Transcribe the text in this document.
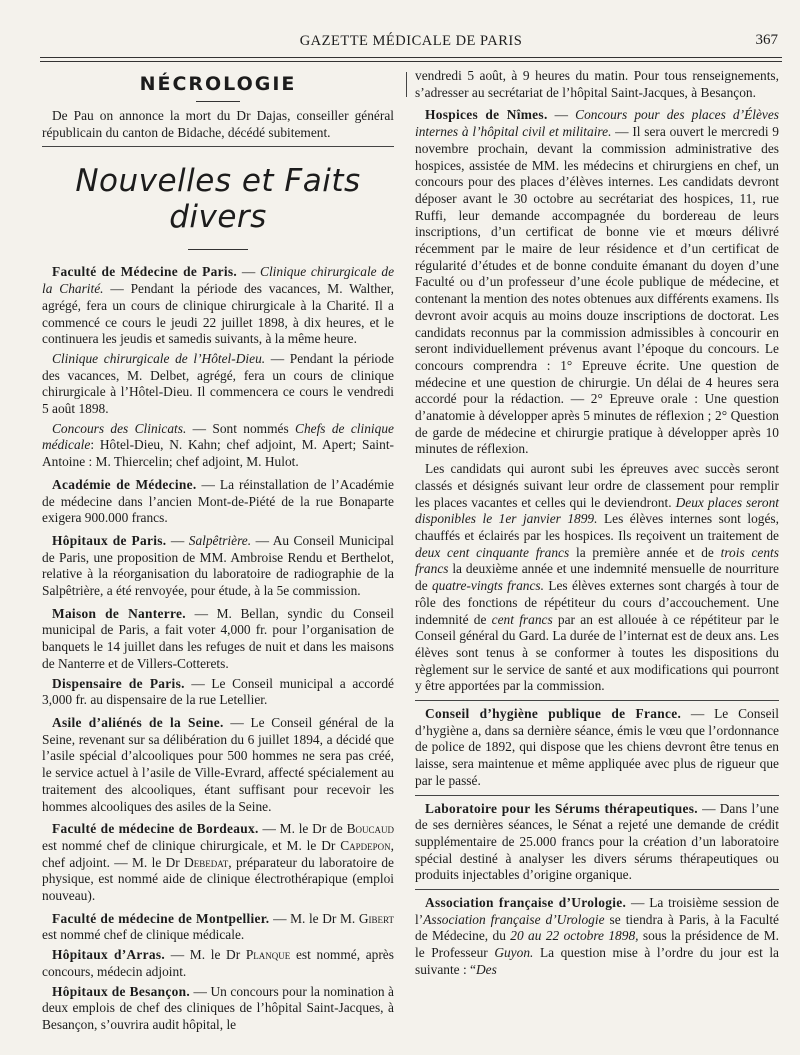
GAZETTE MÉDICALE DE PARIS	367
NÉCROLOGIE

De Pau on annonce la mort du Dr Dajas, conseiller général républicain du canton de Bidache, décédé subitement.

Nouvelles et Faits divers

Faculté de Médecine de Paris. — Clinique chirurgicale de la Charité. — Pendant la période des vacances, M. Walther, agrégé, fera un cours de clinique chirurgicale à la Charité. Il a commencé ce cours le jeudi 22 juillet 1898, à dix heures, et le continuera les jeudis et samedis suivants, à la même heure.

Clinique chirurgicale de l’Hôtel-Dieu. — Pendant la période des vacances, M. Delbet, agrégé, fera un cours de clinique chirurgicale à l’Hôtel-Dieu. Il commencera ce cours le vendredi 5 août 1898.

Concours des Clinicats. — Sont nommés Chefs de clinique médicale: Hôtel-Dieu, N. Kahn; chef adjoint, M. Apert; Saint-Antoine : M. Thiercelin; chef adjoint, M. Hulot.

Académie de Médecine. — La réinstallation de l’Académie de médecine dans l’ancien Mont-de-Piété de la rue Bonaparte exigera 900.000 francs.

Hôpitaux de Paris. — Salpêtrière. — Au Conseil Municipal de Paris, une proposition de MM. Ambroise Rendu et Berthelot, relative à la réorganisation du laboratoire de radiographie de la Salpêtrière, a été renvoyée, pour étude, à la 5e commission.

Maison de Nanterre. — M. Bellan, syndic du Conseil municipal de Paris, a fait voter 4,000 fr. pour l’organisation de banquets le 14 juillet dans les refuges de nuit et dans les maisons de Nanterre et de Villers-Cotterets.

Dispensaire de Paris. — Le Conseil municipal a accordé 3,000 fr. au dispensaire de la rue Letellier.

Asile d’aliénés de la Seine. — Le Conseil général de la Seine, revenant sur sa délibération du 6 juillet 1894, a décidé que l’asile spécial d’alcooliques pour 500 hommes ne sera pas créé, le service actuel à l’asile de Ville-Evrard, affecté spécialement au traitement des alcooliques, étant suffisant pour recevoir les hommes alcooliques des asiles de la Seine.

Faculté de médecine de Bordeaux. — M. le Dr de Boucaud est nommé chef de clinique chirurgicale, et M. le Dr Capdepon, chef adjoint. — M. le Dr Debedat, préparateur du laboratoire de physique, est nommé aide de clinique électrothérapique (emploi nouveau).

Faculté de médecine de Montpellier. — M. le Dr M. Gibert est nommé chef de clinique médicale.

Hôpitaux d’Arras. — M. le Dr Planque est nommé, après concours, médecin adjoint.

Hôpitaux de Besançon. — Un concours pour la nomination à deux emplois de chef des cliniques de l’hôpital Saint-Jacques, à Besançon, s’ouvrira audit hôpital, le

vendredi 5 août, à 9 heures du matin. Pour tous renseignements, s’adresser au secrétariat de l’hôpital Saint-Jacques, à Besançon.

Hospices de Nîmes. — Concours pour des places d’Élèves internes à l’hôpital civil et militaire. — Il sera ouvert le mercredi 9 novembre prochain, devant la commission administrative des hospices, assistée de MM. les médecins et chirurgiens en chef, un concours pour des places d’élèves internes. Les candidats devront déposer avant le 30 octobre au secrétariat des hospices, 11, rue Ruffi, leur demande accompagnée du bordereau de leurs inscriptions, d’un certificat de bonne vie et mœurs délivré récemment par le maire de leur résidence et d’un certificat de régularité d’études et de bonne conduite émanant du doyen d’une Faculté ou d’un professeur d’une école publique de médecine, et contenant la mention des notes obtenues aux différents examens. Ils devront avoir acquis au moins douze inscriptions de doctorat. Les candidats reconnus par la commission admissibles à concourir en seront individuellement prévenus avant l’époque du concours. Le concours comprendra : 1° Epreuve écrite. Une question de médecine et une question de chirurgie. Un délai de 4 heures sera accordé pour la rédaction. — 2° Epreuve orale : Une question d’anatomie à développer après 5 minutes de réflexion ; 2° Question de garde de médecine et chirurgie pratique à développer après 10 minutes de réflexion.

Les candidats qui auront subi les épreuves avec succès seront classés et désignés suivant leur ordre de classement pour remplir les places vacantes et celles qui le deviendront. Deux places seront disponibles le 1er janvier 1899. Les élèves internes sont logés, chauffés et éclairés par les hospices. Ils reçoivent un traitement de deux cent cinquante francs la première année et de trois cents francs la deuxième année et une indemnité mensuelle de nourriture de quatre-vingts francs. Les élèves externes sont chargés à tour de rôle des fonctions de répétiteur du cours d’accouchement. Une indemnité de cent francs par an est allouée à ce répétiteur par le Conseil général du Gard. La durée de l’internat est de deux ans. Les élèves sont tenus à se conformer à toutes les dispositions du règlement sur le service de santé et aux modifications qui pourront y être apportées par la commission.

Conseil d’hygiène publique de France. — Le Conseil d’hygiène a, dans sa dernière séance, émis le vœu que l’ordonnance de police de 1892, qui dispose que les chiens devront être tenus en laisse, sera maintenue et même appliquée avec plus de rigueur que par le passé.

Laboratoire pour les Sérums thérapeutiques. — Dans l’une de ses dernières séances, le Sénat a rejeté une demande de crédit supplémentaire de 25.000 francs pour la création d’un laboratoire spécial destiné à analyser les divers sérums thérapeutiques ou produits injectables d’origine organique.

Association française d’Urologie. — La troisième session de l’Association française d’Urologie se tiendra à Paris, à la Faculté de Médecine, du 20 au 22 octobre 1898, sous la présidence de M. le Professeur Guyon. La question mise à l’ordre du jour est la suivante : “Des
